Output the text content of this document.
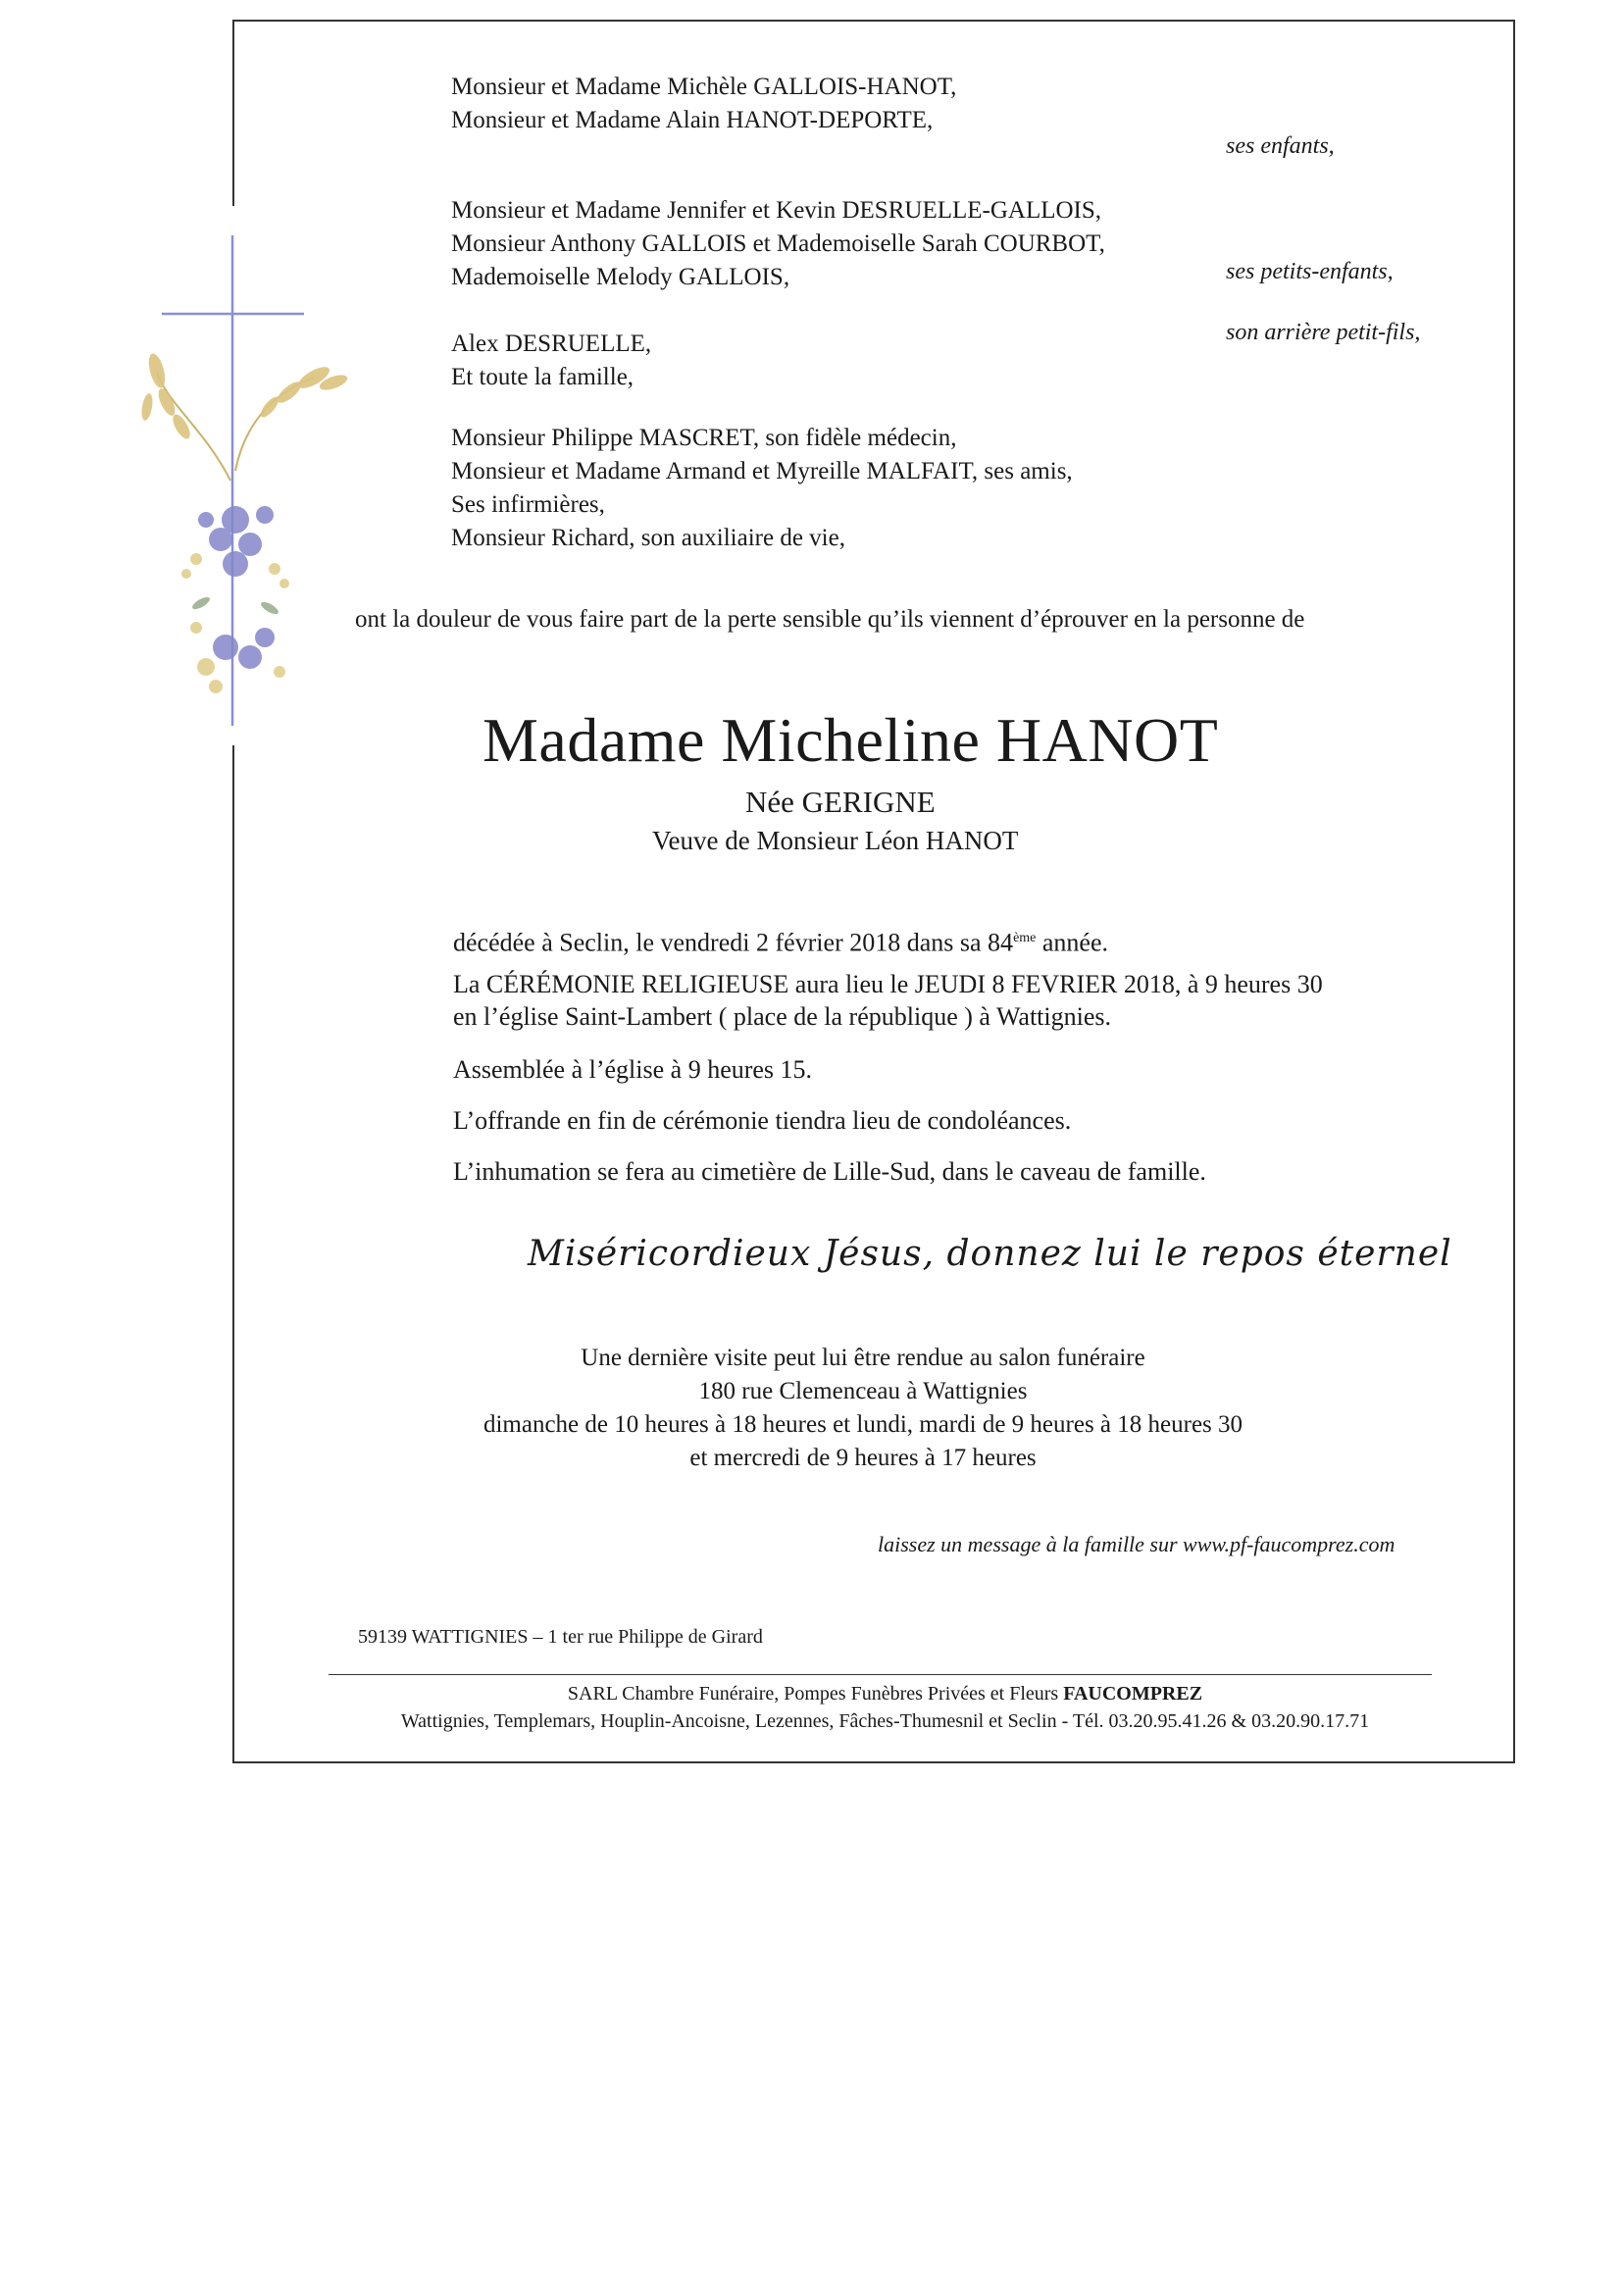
Monsieur et Madame Michèle GALLOIS-HANOT,
Monsieur et Madame Alain HANOT-DEPORTE,
ses enfants,
Monsieur et Madame Jennifer et Kevin DESRUELLE-GALLOIS,
Monsieur Anthony GALLOIS et Mademoiselle Sarah COURBOT,
Mademoiselle Melody GALLOIS,	ses petits-enfants,
Alex DESRUELLE,	son arrière petit-fils,
Et toute la famille,
Monsieur Philippe MASCRET, son fidèle médecin,
Monsieur et Madame Armand et Myreille MALFAIT, ses amis,
Ses infirmières,
Monsieur Richard, son auxiliaire de vie,
ont la douleur de vous faire part de la perte sensible qu’ils viennent d’éprouver en la personne de
Madame Micheline HANOT
Née GERIGNE
Veuve de Monsieur Léon HANOT
décédée à Seclin, le vendredi 2 février 2018 dans sa 84ème année.
La CÉRÉMONIE RELIGIEUSE aura lieu le JEUDI 8 FEVRIER 2018, à 9 heures 30
en l’église Saint-Lambert ( place de la république ) à Wattignies.
Assemblée à l’église à 9 heures 15.
L’offrande en fin de cérémonie tiendra lieu de condoléances.
L’inhumation se fera au cimetière de Lille-Sud, dans le caveau de famille.
Miséricordieux Jésus, donnez lui le repos éternel
Une dernière visite peut lui être rendue au salon funéraire
180 rue Clemenceau à Wattignies
dimanche de 10 heures à 18 heures et lundi, mardi de 9 heures à 18 heures 30
et mercredi de 9 heures à 17 heures
laissez un message à la famille sur www.pf-faucomprez.com
59139 WATTIGNIES – 1 ter rue Philippe de Girard
SARL Chambre Funéraire, Pompes Funèbres Privées et Fleurs FAUCOMPREZ
Wattignies, Templemars, Houplin-Ancoisne, Lezennes, Fâches-Thumesnil et Seclin - Tél. 03.20.95.41.26 & 03.20.90.17.71
